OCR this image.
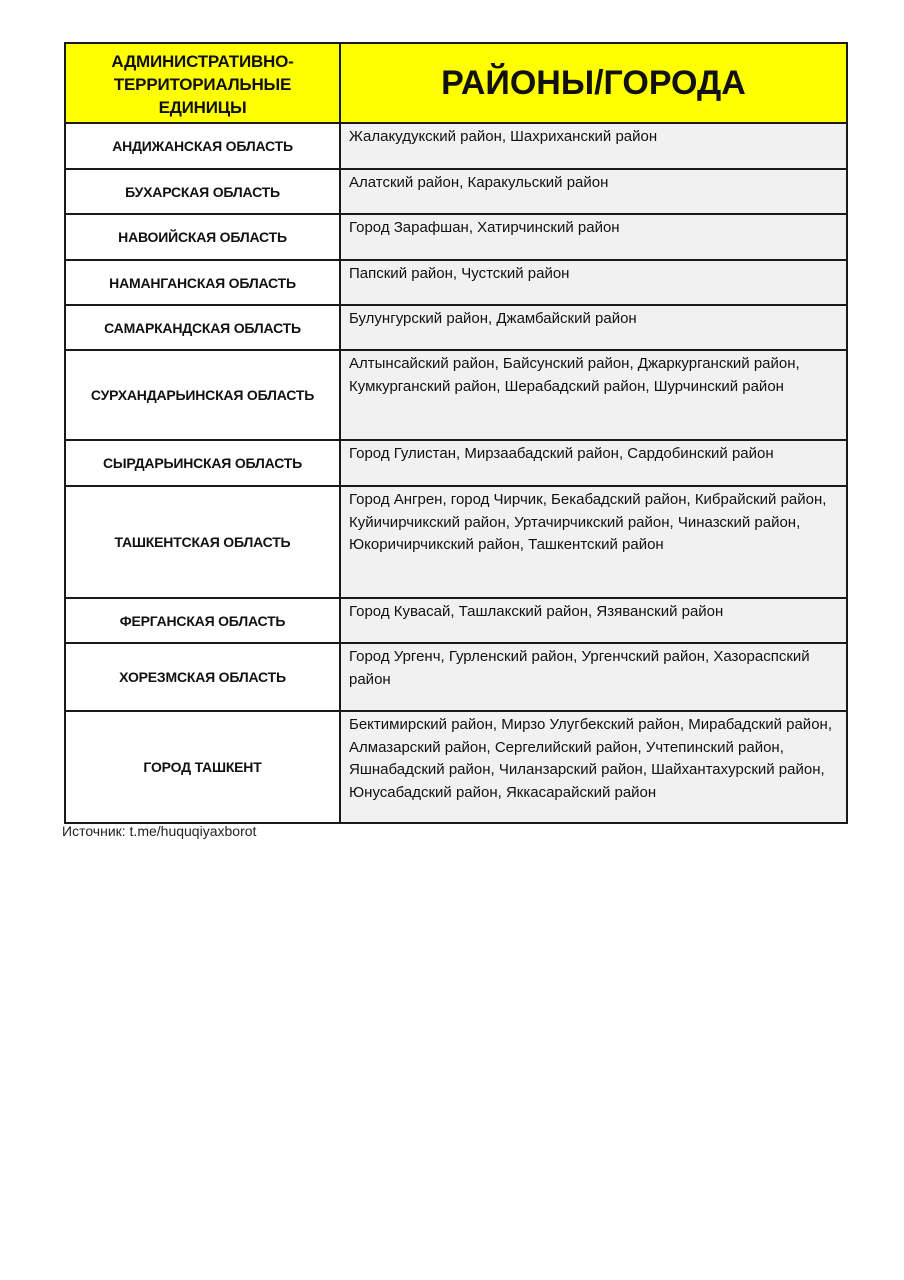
АДМИНИСТРАТИВНО-ТЕРРИТОРИАЛЬНЫЕ ЕДИНИЦЫ
РАЙОНЫ/ГОРОДА
АНДИЖАНСКАЯ ОБЛАСТЬ
Жалакудукский район, Шахриханский район
БУХАРСКАЯ ОБЛАСТЬ
Алатский район, Каракульский район
НАВОИЙСКАЯ ОБЛАСТЬ
Город Зарафшан, Хатирчинский район
НАМАНГАНСКАЯ ОБЛАСТЬ
Папский район, Чустский район
САМАРКАНДСКАЯ ОБЛАСТЬ
Булунгурский район, Джамбайский район
СУРХАНДАРЬИНСКАЯ ОБЛАСТЬ
Алтынсайский район, Байсунский район, Джаркурганский район, Кумкурганский район, Шерабадский район, Шурчинский район
СЫРДАРЬИНСКАЯ ОБЛАСТЬ
Город Гулистан, Мирзаабадский район, Сардобинский район
ТАШКЕНТСКАЯ ОБЛАСТЬ
Город Ангрен, город Чирчик, Бекабадский район, Кибрайский район, Куйичирчикский район, Уртачирчикский район, Чиназский район, Юкоричирчикский район, Ташкентский район
ФЕРГАНСКАЯ ОБЛАСТЬ
Город Кувасай, Ташлакский район, Язяванский район
ХОРЕЗМСКАЯ ОБЛАСТЬ
Город Ургенч, Гурленский район, Ургенчский район, Хазораспский район
ГОРОД ТАШКЕНТ
Бектимирский район, Мирзо Улугбекский район, Мирабадский район, Алмазарский район, Сергелийский район, Учтепинский район, Яшнабадский район, Чиланзарский район, Шайхантахурский район, Юнусабадский район, Яккасарайский район
Источник: t.me/huquqiyaxborot
